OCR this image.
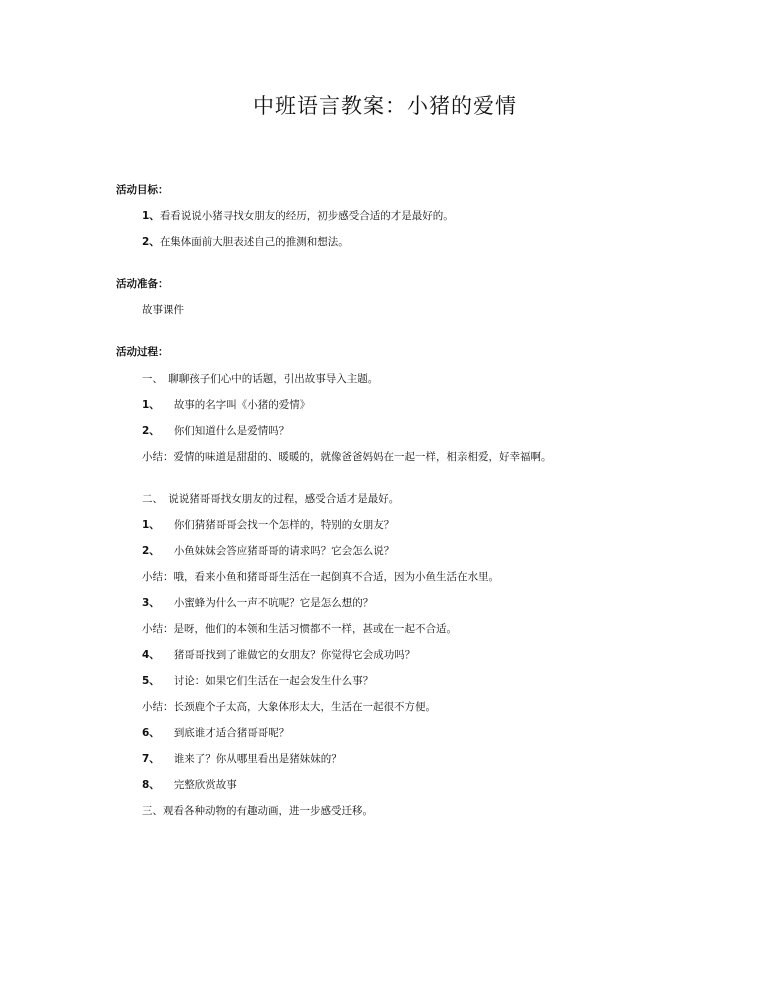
中班语言教案：小猪的爱情
活动目标：
1、看看说说小猪寻找女朋友的经历，初步感受合适的才是最好的。
2、在集体面前大胆表述自己的推测和想法。
活动准备：
故事课件
活动过程：
一、　聊聊孩子们心中的话题，引出故事导入主题。
1、 故事的名字叫《小猪的爱情》
2、 你们知道什么是爱情吗？
小结：爱情的味道是甜甜的、暖暖的，就像爸爸妈妈在一起一样，相亲相爱，好幸福啊。
二、　说说猪哥哥找女朋友的过程，感受合适才是最好。
1、 你们猜猪哥哥会找一个怎样的，特别的女朋友？
2、 小鱼妹妹会答应猪哥哥的请求吗？它会怎么说？
小结：哦，看来小鱼和猪哥哥生活在一起倒真不合适，因为小鱼生活在水里。
3、 小蜜蜂为什么一声不吭呢？它是怎么想的？
小结：是呀，他们的本领和生活习惯都不一样，甚或在一起不合适。
4、 猪哥哥找到了谁做它的女朋友？你觉得它会成功吗？
5、 讨论：如果它们生活在一起会发生什么事？
小结：长颈鹿个子太高，大象体形太大，生活在一起很不方便。
6、 到底谁才适合猪哥哥呢？
7、 谁来了？你从哪里看出是猪妹妹的？
8、 完整欣赏故事
三、观看各种动物的有趣动画，进一步感受迁移。
